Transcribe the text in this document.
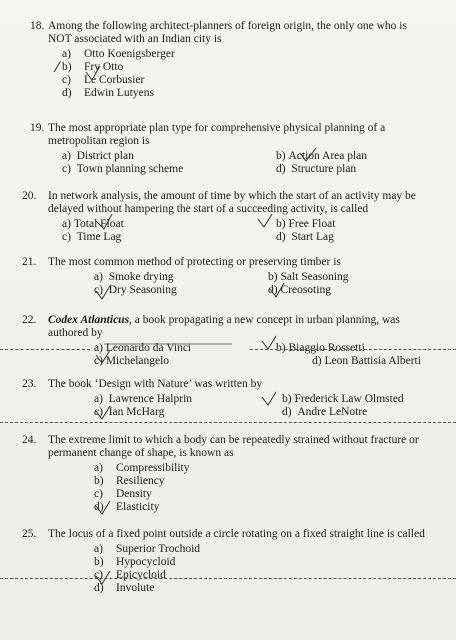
18. Among the following architect-planners of foreign origin, the only one who is
NOT associated with an Indian city is
a) Otto Koenigsberger
b) Fry Otto
c) Le Corbusier
d) Edwin Lutyens
⁄
19. The most appropriate plan type for comprehensive physical planning of a
metropolitan region is
a) District plan	b) Action Area plan
c) Town planning scheme	d) Structure plan
20. In network analysis, the amount of time by which the start of an activity may be
delayed without hampering the start of a succeeding activity, is called
a) Total Float	b) Free Float
c) Time Lag	d) Start Lag
21. The most common method of protecting or preserving timber is
a) Smoke drying	b) Salt Seasoning
c) Dry Seasoning	d) Creosoting
22. Codex Atlanticus, a book propagating a new concept in urban planning, was
authored by
a) Leonardo da Vinci	b) Biaggio Rossetti
c) Michelangelo	d) Leon Battisia Alberti
23. The book ‘Design with Nature’ was written by
a) Lawrence Halprin	b) Frederick Law Olmsted
c) Ian McHarg	d) Andre LeNotre
24. The extreme limit to which a body can be repeatedly strained without fracture or
permanent change of shape, is known as
a) Compressibility
b) Resiliency
c) Density
d) Elasticity
25. The locus of a fixed point outside a circle rotating on a fixed straight line is called
a) Superior Trochoid
b) Hypocycloid
c) Epicycloid
d) Involute
